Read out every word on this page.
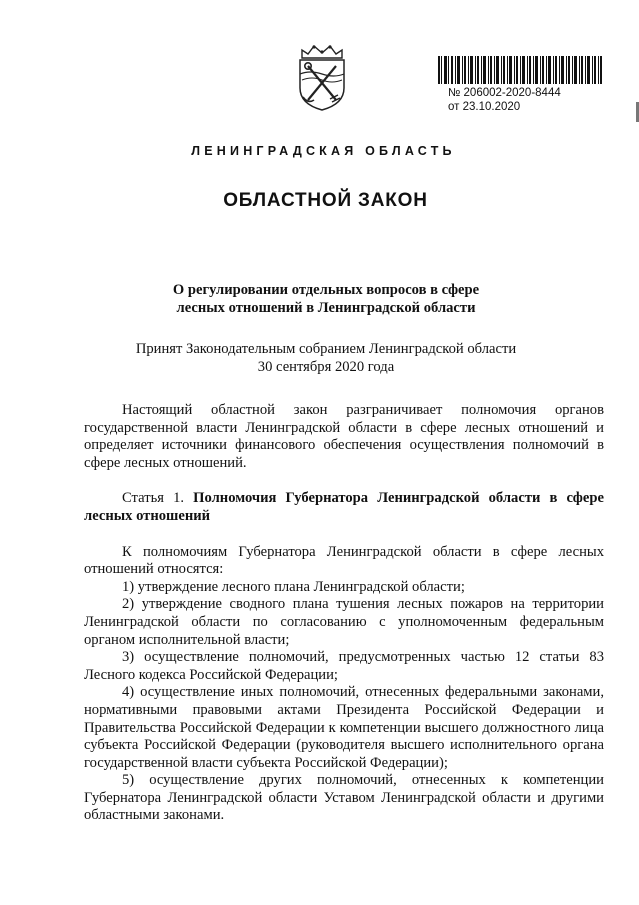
№ 206002-2020-8444
от 23.10.2020
ЛЕНИНГРАДСКАЯ ОБЛАСТЬ
ОБЛАСТНОЙ ЗАКОН
О регулировании отдельных вопросов в сфере
лесных отношений в Ленинградской области
Принят Законодательным собранием Ленинградской области
30 сентября 2020 года

Настоящий областной закон разграничивает полномочия органов государственной власти Ленинградской области в сфере лесных отношений и определяет источники финансового обеспечения осуществления полномочий в сфере лесных отношений.

Статья 1. Полномочия Губернатора Ленинградской области в сфере лесных отношений

К полномочиям Губернатора Ленинградской области в сфере лесных отношений относятся:

1) утверждение лесного плана Ленинградской области;

2) утверждение сводного плана тушения лесных пожаров на территории Ленинградской области по согласованию с уполномоченным федеральным органом исполнительной власти;

3) осуществление полномочий, предусмотренных частью 12 статьи 83 Лесного кодекса Российской Федерации;

4) осуществление иных полномочий, отнесенных федеральными законами, нормативными правовыми актами Президента Российской Федерации и Правительства Российской Федерации к компетенции высшего должностного лица субъекта Российской Федерации (руководителя высшего исполнительного органа государственной власти субъекта Российской Федерации);

5) осуществление других полномочий, отнесенных к компетенции Губернатора Ленинградской области Уставом Ленинградской области и другими областными законами.
